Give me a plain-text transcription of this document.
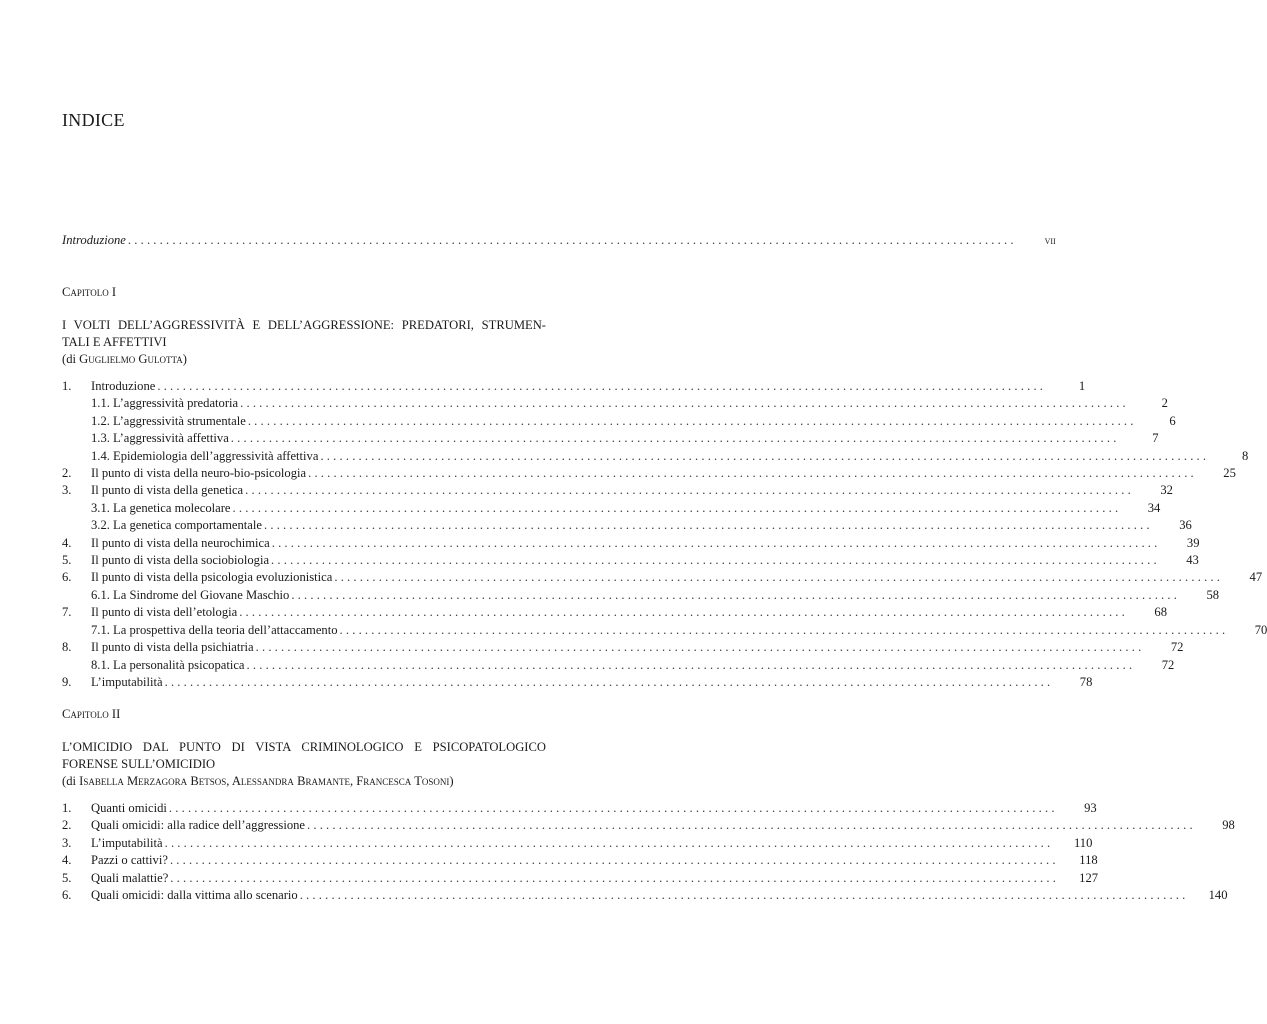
INDICE
Introduzione ............................................................................................................................................	vii
Capitolo I
I VOLTI DELL’AGGRESSIVITÀ E DELL’AGGRESSIONE: PREDATORI, STRUMEN-TALI E AFFETTIVI
(di Guglielmo Gulotta)
1.	Introduzione ............................................................................................................................................	1
1.1. L’aggressività predatoria ............................................................................................................................................	2
1.2. L’aggressività strumentale ............................................................................................................................................	6
1.3. L’aggressività affettiva ............................................................................................................................................	7
1.4. Epidemiologia dell’aggressività affettiva ............................................................................................................................................	8
2.	Il punto di vista della neuro-bio-psicologia ............................................................................................................................................	25
3.	Il punto di vista della genetica ............................................................................................................................................	32
3.1. La genetica molecolare ............................................................................................................................................	34
3.2. La genetica comportamentale ............................................................................................................................................	36
4.	Il punto di vista della neurochimica ............................................................................................................................................	39
5.	Il punto di vista della sociobiologia ............................................................................................................................................	43
6.	Il punto di vista della psicologia evoluzionistica ............................................................................................................................................	47
6.1. La Sindrome del Giovane Maschio ............................................................................................................................................	58
7.	Il punto di vista dell’etologia ............................................................................................................................................	68
7.1. La prospettiva della teoria dell’attaccamento ............................................................................................................................................	70
8.	Il punto di vista della psichiatria ............................................................................................................................................	72
8.1. La personalità psicopatica ............................................................................................................................................	72
9.	L’imputabilità ............................................................................................................................................	78
Capitolo II
L’OMICIDIO DAL PUNTO DI VISTA CRIMINOLOGICO E PSICOPATOLOGICO FORENSE SULL’OMICIDIO
(di Isabella Merzagora Betsos, Alessandra Bramante, Francesca Tosoni)
1.	Quanti omicidi ............................................................................................................................................	93
2.	Quali omicidi: alla radice dell’aggressione ............................................................................................................................................	98
3.	L’imputabilità ............................................................................................................................................	110
4.	Pazzi o cattivi? ............................................................................................................................................	118
5.	Quali malattie? ............................................................................................................................................	127
6.	Quali omicidi: dalla vittima allo scenario ............................................................................................................................................	140
